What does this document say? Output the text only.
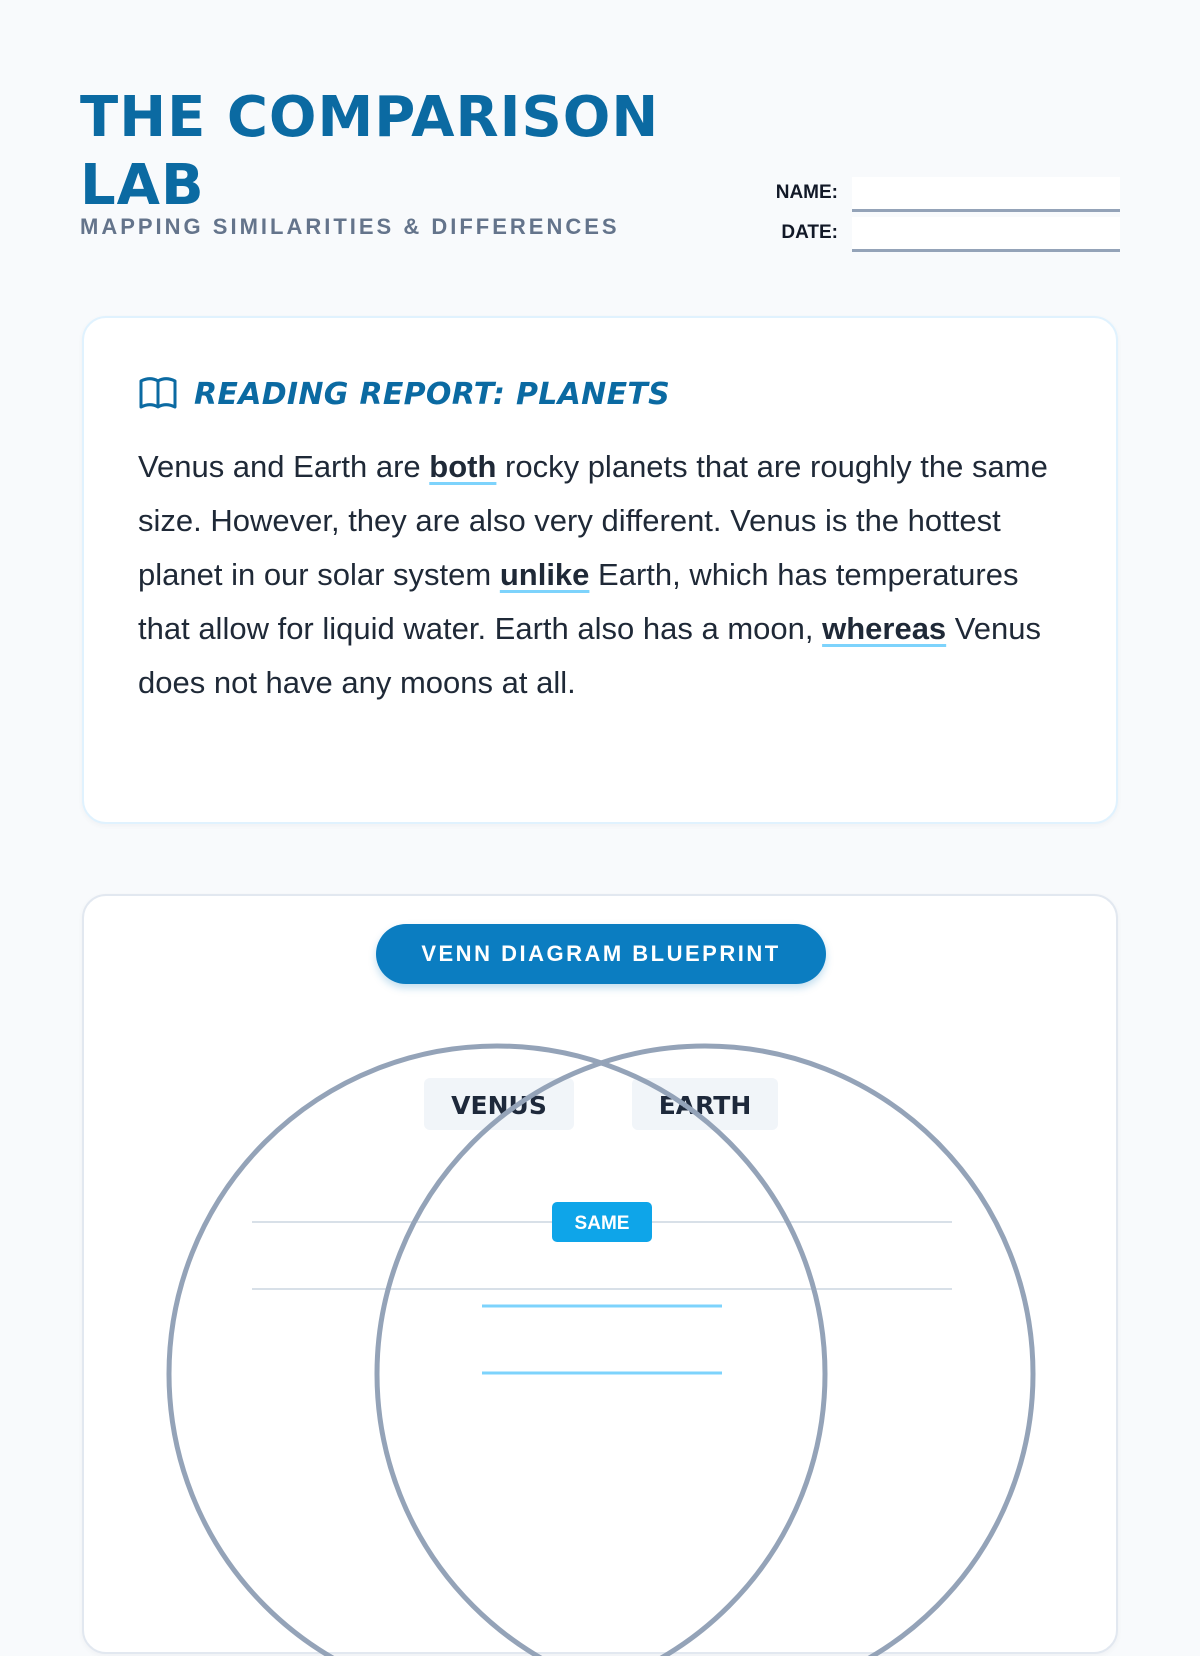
THE COMPARISON LAB
MAPPING SIMILARITIES & DIFFERENCES
NAME:
DATE:
READING REPORT: PLANETS

Venus and Earth are both rocky planets that are roughly the same size. However, they are also very different. Venus is the hottest planet in our solar system unlike Earth, which has temperatures that allow for liquid water. Earth also has a moon, whereas Venus does not have any moons at all.

VENUS	EARTH
SAME
VENN DIAGRAM BLUEPRINT
